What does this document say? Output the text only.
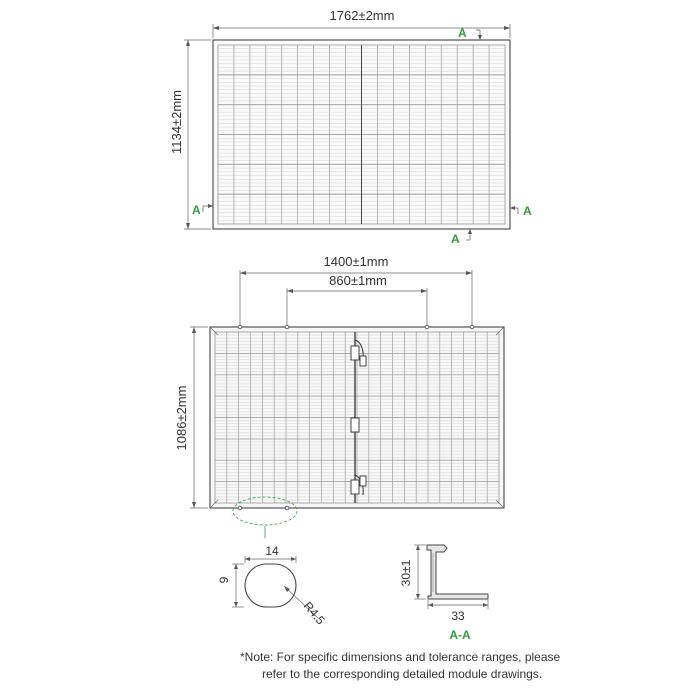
1762±2mm
1134±2mm
A
A
A	A
1400±1mm
860±1mm
1086±2mm
14
9
R4.5
30±1
33
A-A
*Note: For specific dimensions and tolerance ranges, please
refer to the corresponding detailed module drawings.
